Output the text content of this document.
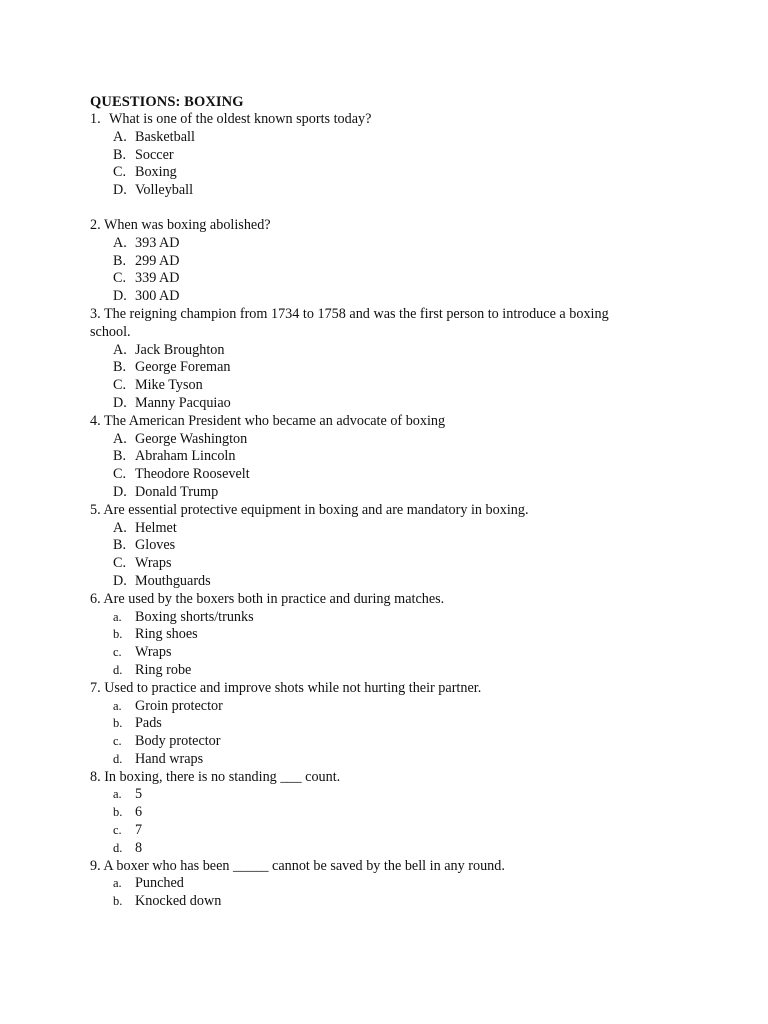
QUESTIONS: BOXING
1. What is one of the oldest known sports today?
A. Basketball
B. Soccer
C. Boxing
D. Volleyball
2. When was boxing abolished?
A. 393 AD
B. 299 AD
C. 339 AD
D. 300 AD
3. The reigning champion from 1734 to 1758 and was the first person to introduce a boxing school.
A. Jack Broughton
B. George Foreman
C. Mike Tyson
D. Manny Pacquiao
4. The American President who became an advocate of boxing
A. George Washington
B. Abraham Lincoln
C. Theodore Roosevelt
D. Donald Trump
5. Are essential protective equipment in boxing and are mandatory in boxing.
A. Helmet
B. Gloves
C. Wraps
D. Mouthguards
6. Are used by the boxers both in practice and during matches.
a. Boxing shorts/trunks
b. Ring shoes
c. Wraps
d. Ring robe
7. Used to practice and improve shots while not hurting their partner.
a. Groin protector
b. Pads
c. Body protector
d. Hand wraps
8. In boxing, there is no standing ___ count.
a. 5
b. 6
c. 7
d. 8
9. A boxer who has been _____ cannot be saved by the bell in any round.
a. Punched
b. Knocked down
